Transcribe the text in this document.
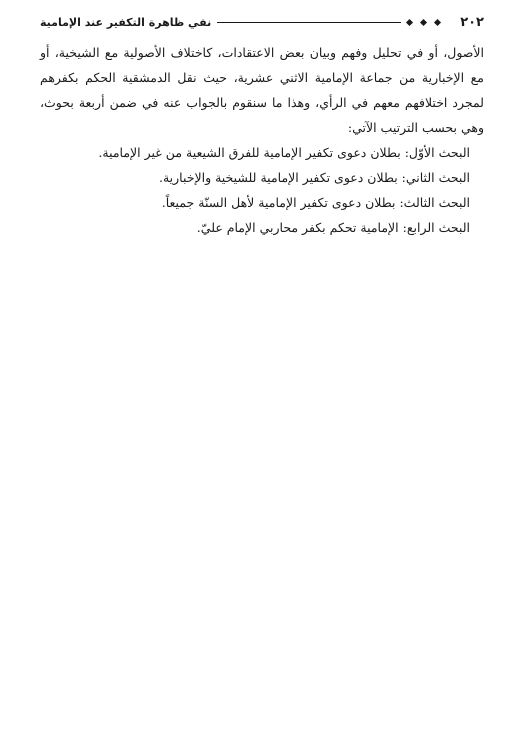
٢٠٢
نفي ظاهرة التكفير عند الإمامية

الأصول، أو في تحليل وفهم وبيان بعض الاعتقادات، كاختلاف الأصولية مع الشيخية، أو مع الإخبارية من جماعة الإمامية الاثني عشرية، حيث نقل الدمشقية الحكم بكفرهم لمجرد اختلافهم معهم في الرأي، وهذا ما سنقوم بالجواب عنه في ضمن أربعة بحوث، وهي بحسب الترتيب الآتي:

البحث الأوّل: بطلان دعوى تكفير الإمامية للفرق الشيعية من غير الإمامية.
البحث الثاني: بطلان دعوى تكفير الإمامية للشيخية والإخبارية.
البحث الثالث: بطلان دعوى تكفير الإمامية لأهل السنّة جميعاً.
البحث الرابع: الإمامية تحكم بكفر محاربي الإمام عليّ.
